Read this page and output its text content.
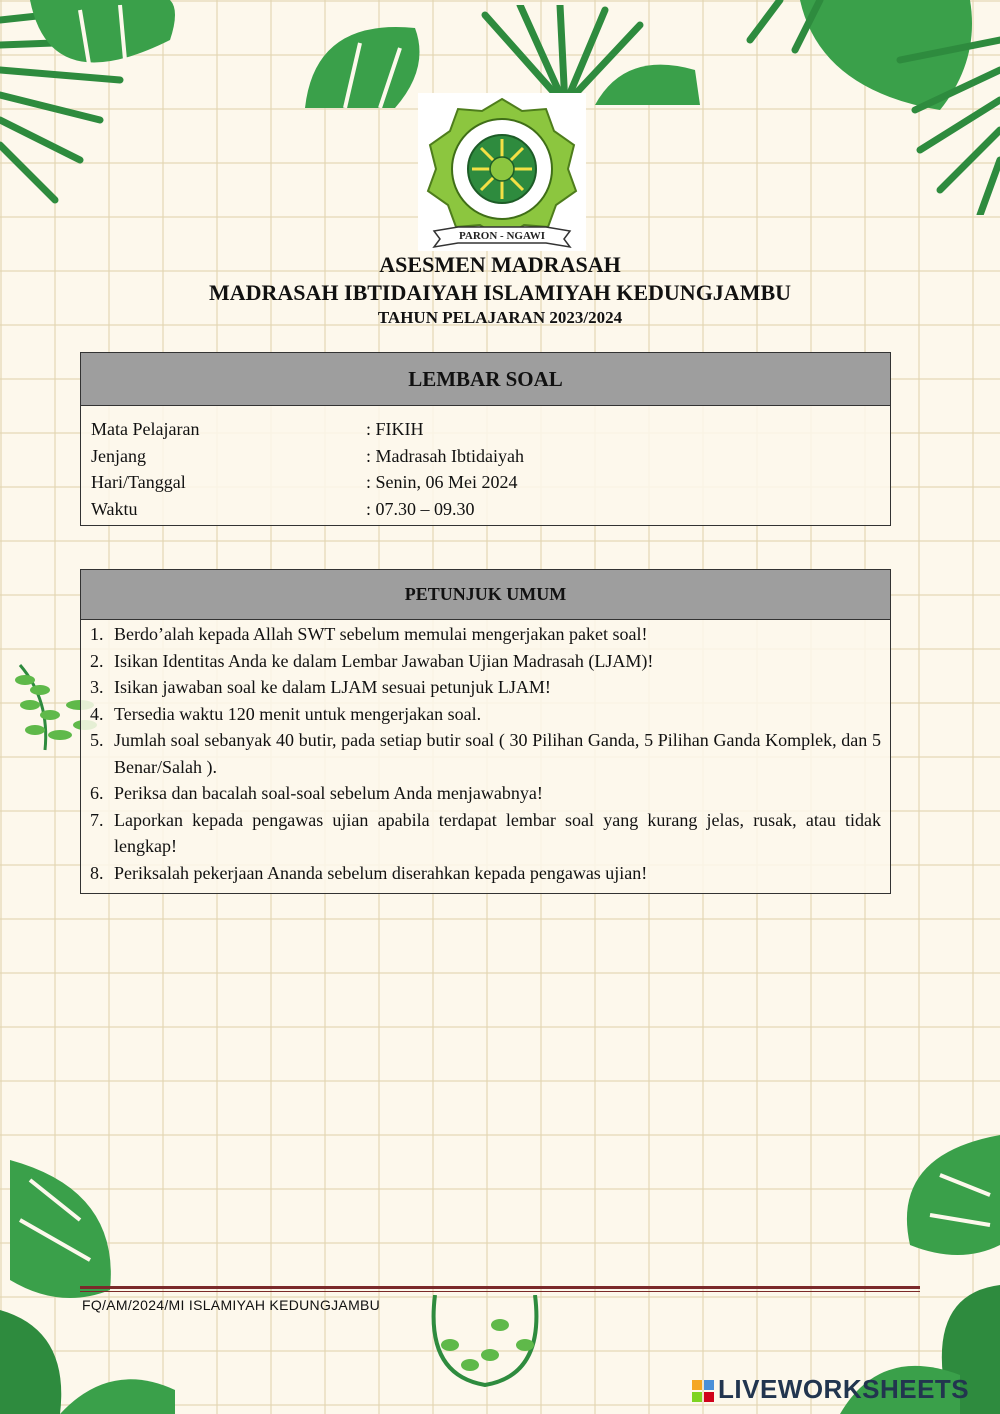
PARON - NGAWI
ASESMEN MADRASAH
MADRASAH IBTIDAIYAH ISLAMIYAH KEDUNGJAMBU
TAHUN PELAJARAN 2023/2024
LEMBAR SOAL
Mata Pelajaran	: FIKIH
Jenjang	: Madrasah Ibtidaiyah
Hari/Tanggal	: Senin, 06 Mei 2024
Waktu	: 07.30 – 09.30
PETUNJUK UMUM
1. Berdo’alah kepada Allah SWT sebelum memulai mengerjakan paket soal!
2. Isikan Identitas Anda ke dalam Lembar Jawaban Ujian Madrasah (LJAM)!
3. Isikan jawaban soal ke dalam LJAM sesuai petunjuk LJAM!
4. Tersedia waktu 120 menit untuk mengerjakan soal.
5. Jumlah soal sebanyak 40 butir, pada setiap butir soal ( 30 Pilihan Ganda, 5 Pilihan Ganda Komplek, dan 5 Benar/Salah ).
6. Periksa dan bacalah soal-soal sebelum Anda menjawabnya!
7. Laporkan kepada pengawas ujian apabila terdapat lembar soal yang kurang jelas, rusak, atau tidak lengkap!
8. Periksalah pekerjaan Ananda sebelum diserahkan kepada pengawas ujian!
FQ/AM/2024/MI ISLAMIYAH KEDUNGJAMBU
LIVEWORKSHEETS
